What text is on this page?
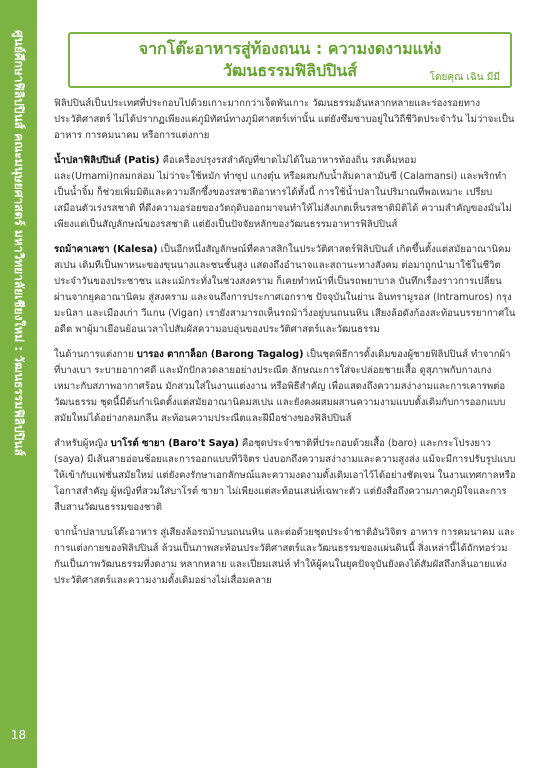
ศูนย์ศึกษาฟิลิปปินส์ คณะมนุษยศาสตร์ มหาวิทยาลัยเชียงใหม่ : วัฒนธรรมฟิลิปปินส์
18
จากโต๊ะอาหารสู่ท้องถนน : ความงดงามแห่ง
วัฒนธรรมฟิลิปปินส์	โดยคุณ เฉิน มีมี

ฟิลิปปินส์เป็นประเทศที่ประกอบไปด้วยเกาะมากกว่าเจ็ดพันเกาะ วัฒนธรรมอันหลากหลายและร่องรอยทางประวัติศาสตร์ ไม่ได้ปรากฏเพียงแค่ภูมิทัศน์ทางภูมิศาสตร์เท่านั้น แต่ยังซึมซาบอยู่ในวิถีชีวิตประจำวัน ไม่ว่าจะเป็นอาหาร การคมนาคม หรือการแต่งกาย

น้ำปลาฟิลิปปินส์ (Patis) คือเครื่องปรุงรสสำคัญที่ขาดไม่ได้ในอาหารท้องถิ่น รสเค็มหอมและ(Umami)กลมกล่อม ไม่ว่าจะใช้หมัก ทำซุป แกงตุ๋น หรือผสมกับน้ำส้มคาลามันซี (Calamansi) และพริกทำเป็นน้ำจิ้ม ก็ช่วยเพิ่มมิติและความลึกซึ้งของรสชาติอาหารได้ทั้งนี้ การใช้น้ำปลาในปริมาณที่พอเหมาะ เปรียบเสมือนตัวเร่งรสชาติ ที่ดึงความอร่อยของวัตถุดิบออกมาจนทำให้ไม่สังเกตเห็นรสชาติมิติได้ ความสำคัญของมันไม่เพียงแต่เป็นสัญลักษณ์ของรสชาติ แต่ยังเป็นปัจจัยหลักของวัฒนธรรมอาหารฟิลิปปินส์

รถม้าคาเลซา (Kalesa) เป็นอีกหนึ่งสัญลักษณ์ที่คลาสสิกในประวัติศาสตร์ฟิลิปปินส์ เกิดขึ้นตั้งแต่สมัยอาณานิคมสเปน เดิมทีเป็นพาหนะของขุนนางและชนชั้นสูง แสดงถึงอำนาจและสถานะทางสังคม ต่อมาถูกนำมาใช้ในชีวิตประจำวันของประชาชน และแม้กระทั่งในช่วงสงคราม ก็เคยทำหน้าที่เป็นรถพยาบาล บันทึกเรื่องราวการเปลี่ยนผ่านจากยุคอาณานิคม สู่สงคราม และจนถึงการประกาศเอกราช ปัจจุบันในย่าน อินทรามูรอส (Intramuros) กรุงมะนิลา และเมืองเก่า วีแกน (Vigan) เรายังสามารถเห็นรถม้าวิ่งอยู่บนถนนหิน เสียงล้อดังก้องสะท้อนบรรยากาศในอดีต พาผู้มาเยือนย้อนเวลาไปสัมผัสความอบอุ่นของประวัติศาสตร์และวัฒนธรรม

ในด้านการแต่งกาย บารอง ตากาล็อก (Barong Tagalog) เป็นชุดพิธีการดั้งเดิมของผู้ชายฟิลิปปินส์ ทำจากผ้าที่บางเบา ระบายอากาศดี และมักปักลวดลายอย่างประณีต ลักษณะการใส่จะปล่อยชายเสื้อ ดูสุภาพกับกางเกง เหมาะกับสภาพอากาศร้อน มักสวมใส่ในงานแต่งงาน หรือพิธีสำคัญ เพื่อแสดงถึงความสง่างามและการเคารพต่อวัฒนธรรม ชุดนี้มีต้นกำเนิดตั้งแต่สมัยอาณานิคมสเปน และยังคงผสมผสานความงามแบบดั้งเดิมกับการออกแบบสมัยใหม่ได้อย่างกลมกลืน สะท้อนความประณีตและฝีมือช่างของฟิลิปปินส์

สำหรับผู้หญิง บาโรต์ ซายา (Baro't Saya) คือชุดประจำชาติที่ประกอบด้วยเสื้อ (baro) และกระโปรงยาว (saya) มีเส้นสายอ่อนช้อยและการออกแบบที่วิจิตร บ่งบอกถึงความสง่างามและความสูงส่ง แม้จะมีการปรับรูปแบบให้เข้ากับแฟชั่นสมัยใหม่ แต่ยังคงรักษาเอกลักษณ์และความงดงามดั้งเดิมเอาไว้ได้อย่างชัดเจน ในงานเทศกาลหรือโอกาสสำคัญ ผู้หญิงที่สวมใส่บาโรต์ ซายา ไม่เพียงแต่สะท้อนเสน่ห์เฉพาะตัว แต่ยังสื่อถึงความภาคภูมิใจและการสืบสานวัฒนธรรมของชาติ

จากน้ำปลาบนโต๊ะอาหาร สู่เสียงล้อรถม้าบนถนนหิน และต่อด้วยชุดประจำชาติอันวิจิตร อาหาร การคมนาคม และการแต่งกายของฟิลิปปินส์ ล้วนเป็นภาพสะท้อนประวัติศาสตร์และวัฒนธรรมของแผ่นดินนี้ สิ่งเหล่านี้ได้ถักทอร่วมกันเป็นภาพวัฒนธรรมที่งดงาม หลากหลาย และเปี่ยมเสน่ห์ ทำให้ผู้คนในยุคปัจจุบันยังคงได้สัมผัสถึงกลิ่นอายแห่งประวัติศาสตร์และความงามดั้งเดิมอย่างไม่เสื่อมคลาย
